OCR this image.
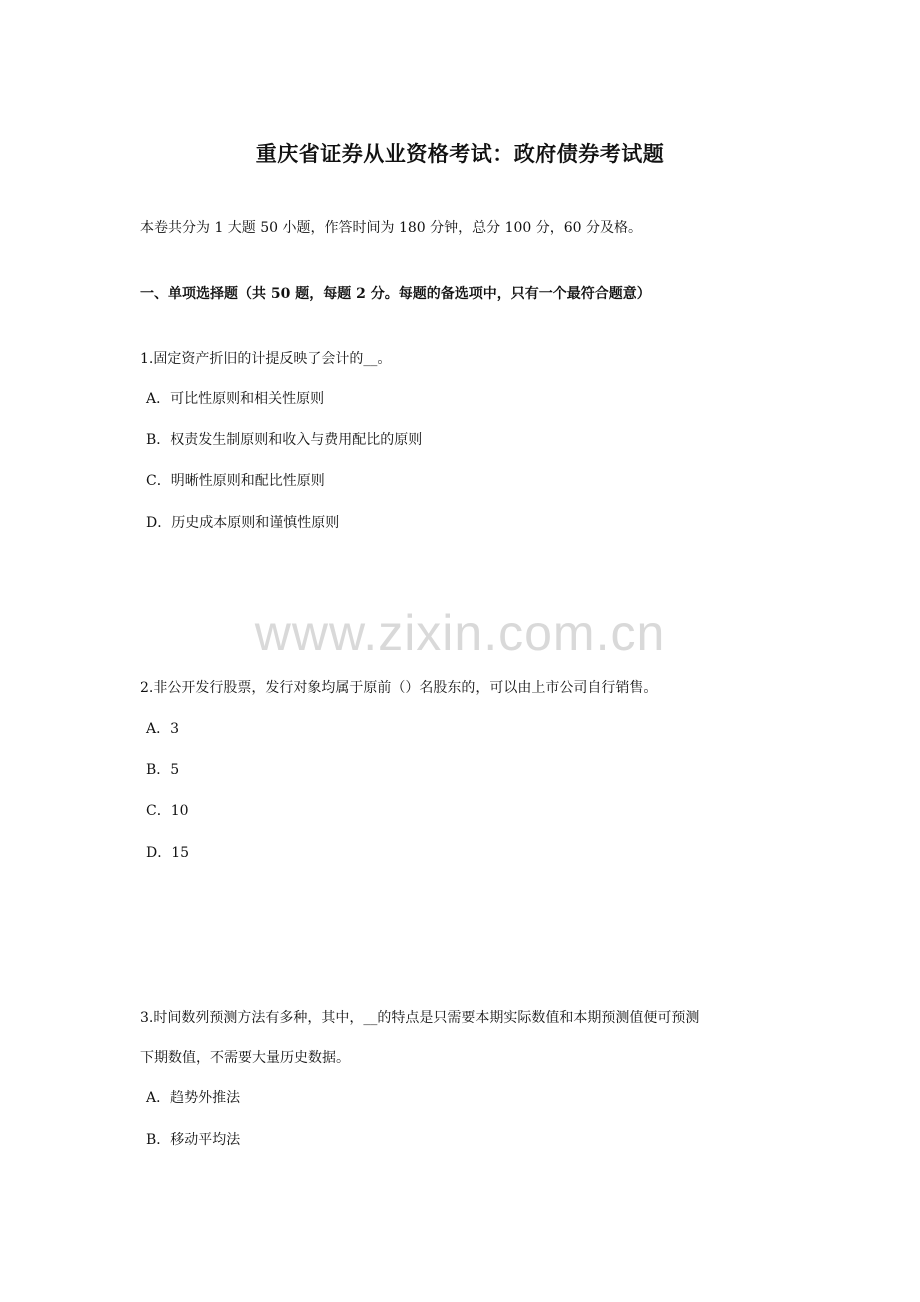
重庆省证券从业资格考试：政府债券考试题
本卷共分为 1 大题 50 小题，作答时间为 180 分钟，总分 100 分，60 分及格。
一、单项选择题（共 50 题，每题 2 分。每题的备选项中，只有一个最符合题意）
1.固定资产折旧的计提反映了会计的__。
A．可比性原则和相关性原则
B．权责发生制原则和收入与费用配比的原则
C．明晰性原则和配比性原则
D．历史成本原则和谨慎性原则
www.zixin.com.cn
2.非公开发行股票，发行对象均属于原前（）名股东的，可以由上市公司自行销售。
A．3
B．5
C．10
D．15
3.时间数列预测方法有多种，其中，__的特点是只需要本期实际数值和本期预测值便可预测
下期数值，不需要大量历史数据。
A．趋势外推法
B．移动平均法
